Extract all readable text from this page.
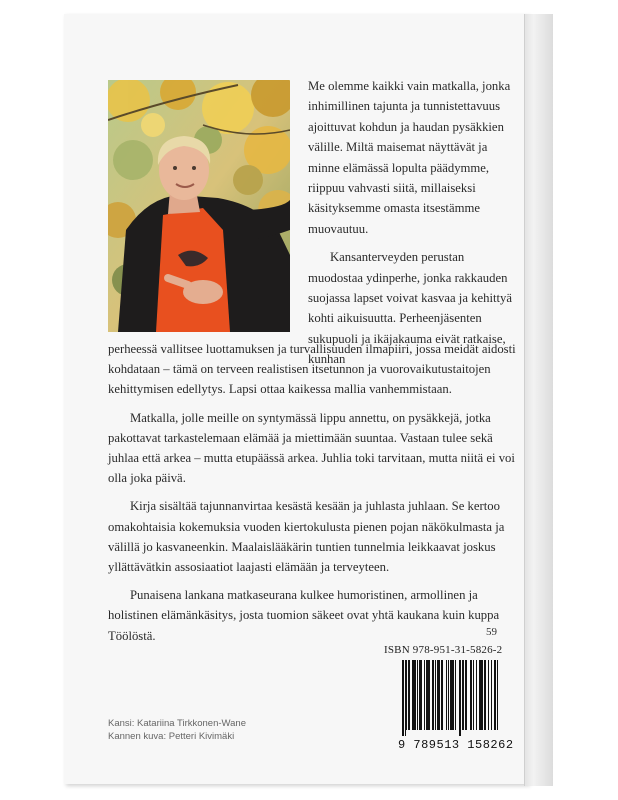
Me olemme kaikki vain matkalla, jonka inhimillinen tajunta ja tunnistettavuus ajoittuvat kohdun ja haudan pysäkkien välille. Miltä maisemat näyttävät ja minne elämässä lopulta päädymme, riippuu vahvasti siitä, millaiseksi käsityksemme omasta itsestämme muovautuu.

Kansanterveyden perustan muodostaa ydinperhe, jonka rakkauden suojassa lapset voivat kasvaa ja kehittyä kohti aikuisuutta. Perheenjäsenten sukupuoli ja ikäjakauma eivät ratkaise, kunhan

perheessä vallitsee luottamuksen ja turvallisuuden ilmapiiri, jossa meidät aidosti kohdataan – tämä on terveen realistisen itsetunnon ja vuorovaikutustaitojen kehittymisen edellytys. Lapsi ottaa kaikessa mallia vanhemmistaan.

Matkalla, jolle meille on syntymässä lippu annettu, on pysäkkejä, jotka pakottavat tarkastelemaan elämää ja miettimään suuntaa. Vastaan tulee sekä juhlaa että arkea – mutta etupäässä arkea. Juhlia toki tarvitaan, mutta niitä ei voi olla joka päivä.

Kirja sisältää tajunnanvirtaa kesästä kesään ja juhlasta juhlaan. Se kertoo omakohtaisia kokemuksia vuoden kiertokulusta pienen pojan näkökulmasta ja välillä jo kasvaneenkin. Maalaislääkärin tuntien tunnelmia leikkaavat joskus yllättävätkin assosiaatiot laajasti elämään ja terveyteen.

Punaisena lankana matkaseurana kulkee humoristinen, armollinen ja holistinen elämänkäsitys, josta tuomion säkeet ovat yhtä kaukana kuin kuppa Töölöstä.	59
ISBN 978-951-31-5826-2
9 789513 158262
Kansi: Katariina Tirkkonen-Wane
Kannen kuva: Petteri Kivimäki
